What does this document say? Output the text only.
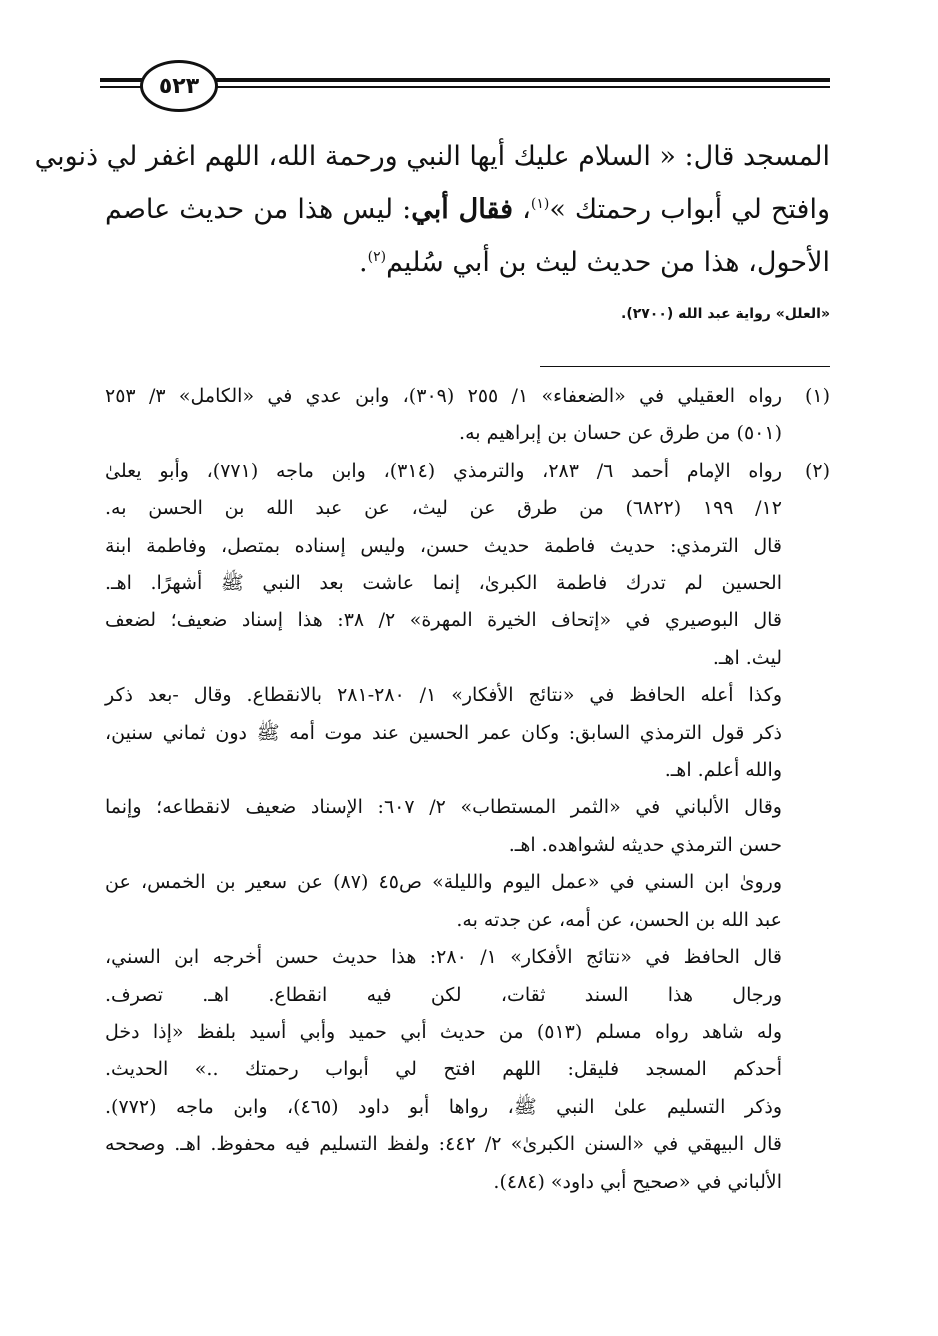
٥٢٣
المسجد قال: « السلام عليك أيها النبي ورحمة الله، اللهم اغفر لي ذنوبي
وافتح لي أبواب رحمتك »$^{(١)}$، فقال أبي: ليس هذا من حديث عاصم
الأحول، هذا من حديث ليث بن أبي سُليم$^{(٢)}$.
«العلل» رواية عبد الله (٢٧٠٠).
(١)
رواه العقيلي في «الضعفاء» ١/ ٢٥٥ (٣٠٩)، وابن عدي في «الكامل» ٣/ ٢٥٣
(٥٠١) من طرق عن حسان بن إبراهيم به.
(٢)
رواه الإمام أحمد ٦/ ٢٨٣، والترمذي (٣١٤)، وابن ماجه (٧٧١)، وأبو يعلىٰ
١٢/ ١٩٩ (٦٨٢٢) من طرق عن ليث، عن عبد الله بن الحسن به.
قال الترمذي: حديث فاطمة حديث حسن، وليس إسناده بمتصل، وفاطمة ابنة
الحسين لم تدرك فاطمة الكبرىٰ، إنما عاشت بعد النبي ﷺ أشهرًا. اهـ.
قال البوصيري في «إتحاف الخيرة المهرة» ٢/ ٣٨: هذا إسناد ضعيف؛ لضعف
ليث. اهـ.
وكذا أعله الحافظ في «نتائج الأفكار» ١/ ٢٨٠-٢٨١ بالانقطاع. وقال -بعد ذكر
ذكر قول الترمذي السابق: وكان عمر الحسين عند موت أمه ﷺ دون ثماني سنين،
والله أعلم. اهـ.
وقال الألباني في «الثمر المستطاب» ٢/ ٦٠٧: الإسناد ضعيف لانقطاعه؛ وإنما
حسن الترمذي حديثه لشواهده. اهـ.
وروىٰ ابن السني في «عمل اليوم والليلة» ص٤٥ (٨٧) عن سعير بن الخمس، عن
عبد الله بن الحسن، عن أمه، عن جدته به.
قال الحافظ في «نتائج الأفكار» ١/ ٢٨٠: هذا حديث حسن أخرجه ابن السني،
ورجال هذا السند ثقات، لكن فيه انقطاع. اهـ. تصرف.
وله شاهد رواه مسلم (٥١٣) من حديث أبي حميد وأبي أسيد بلفظ «إذا دخل
أحدكم المسجد فليقل: اللهم افتح لي أبواب رحمتك ..» الحديث.
وذكر التسليم علىٰ النبي ﷺ، رواها أبو داود (٤٦٥)، وابن ماجه (٧٧٢).
قال البيهقي في «السنن الكبرىٰ» ٢/ ٤٤٢: ولفظ التسليم فيه محفوظ. اهـ. وصححه
الألباني في «صحيح أبي داود» (٤٨٤).
